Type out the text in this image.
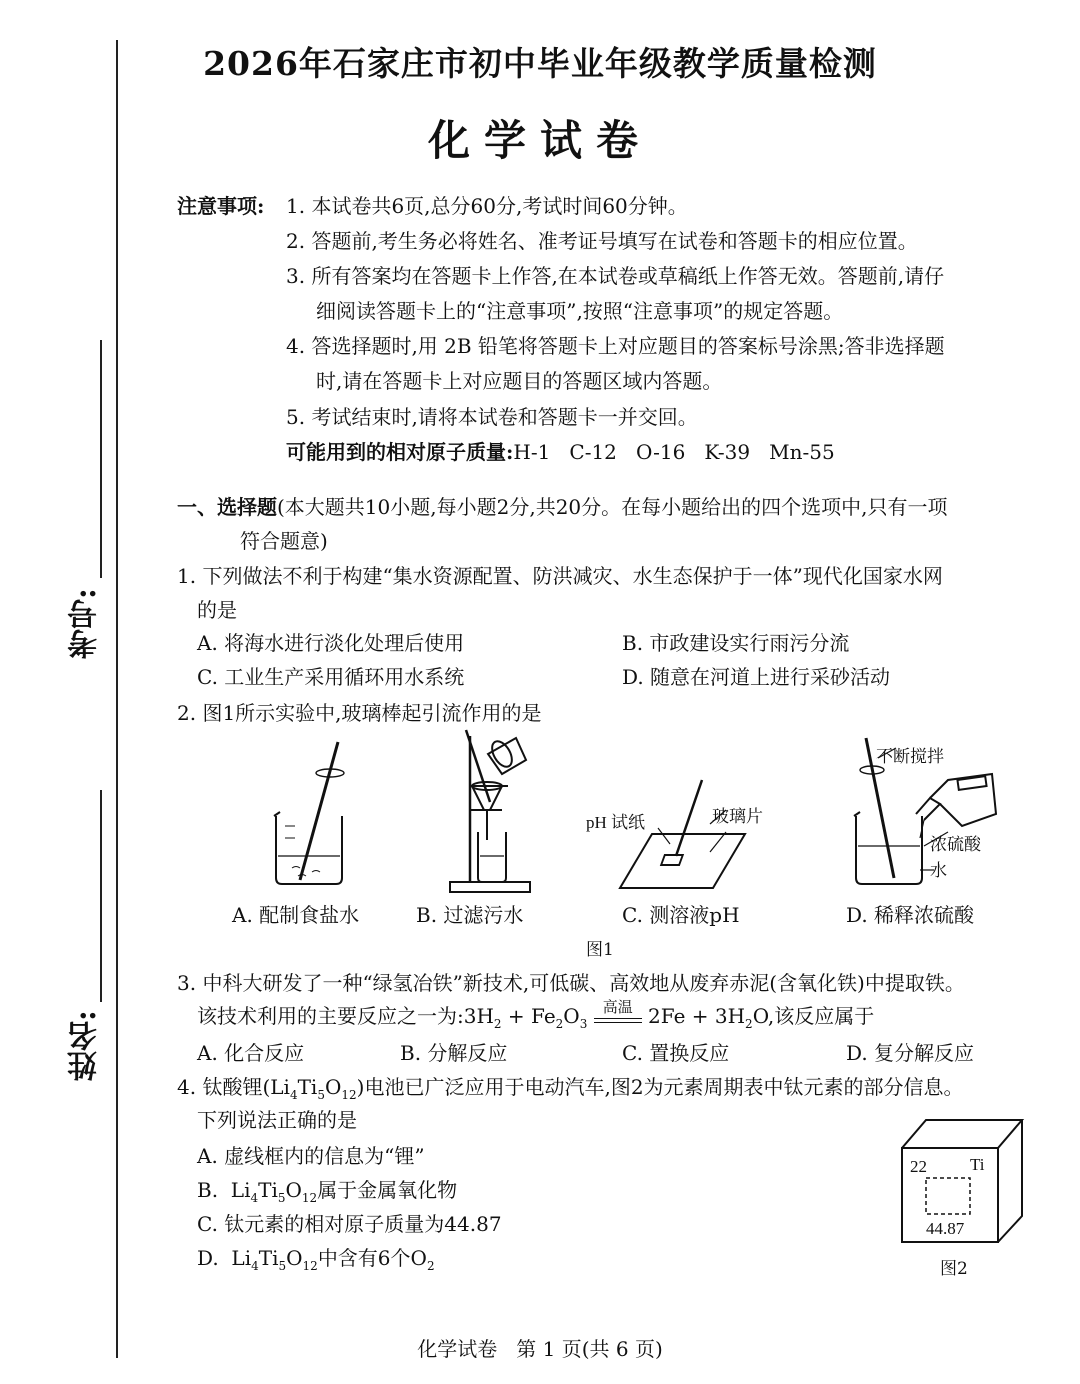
考号:
姓名:
2026年石家庄市初中毕业年级教学质量检测
化学试卷
注意事项: 1. 本试卷共6页,总分60分,考试时间60分钟。
2. 答题前,考生务必将姓名、准考证号填写在试卷和答题卡的相应位置。
3. 所有答案均在答题卡上作答,在本试卷或草稿纸上作答无效。答题前,请仔
细阅读答题卡上的“注意事项”,按照“注意事项”的规定答题。
4. 答选择题时,用 2B 铅笔将答题卡上对应题目的答案标号涂黑;答非选择题
时,请在答题卡上对应题目的答题区域内答题。
5. 考试结束时,请将本试卷和答题卡一并交回。
可能用到的相对原子质量:H-1   C-12   O-16   K-39   Mn-55
一、选择题(本大题共10小题,每小题2分,共20分。在每小题给出的四个选项中,只有一项
符合题意)
1. 下列做法不利于构建“集水资源配置、防洪减灾、水生态保护于一体”现代化国家水网
的是
A. 将海水进行淡化处理后使用	B. 市政建设实行雨污分流
C. 工业生产采用循环用水系统	D. 随意在河道上进行采砂活动
2. 图1所示实验中,玻璃棒起引流作用的是
pH 试纸	玻璃片
不断搅拌
浓硫酸
水
A. 配制食盐水	B. 过滤污水	C. 测溶液pH	D. 稀释浓硫酸
图1
3. 中科大研发了一种“绿氢冶铁”新技术,可低碳、高效地从废弃赤泥(含氧化铁)中提取铁。
该技术利用的主要反应之一为$:3H_2 + Fe_2O_3$
高温 $2Fe + 3H_2O$,该反应属于
A. 化合反应	B. 分解反应	C. 置换反应	D. 复分解反应
4. 钛酸锂$(Li_4Ti_5O_{12})$电池已广泛应用于电动汽车,图2为元素周期表中钛元素的部分信息。
下列说法正确的是
A. 虚线框内的信息为“锂”
B.  $Li_4Ti_5O_{12}$属于金属氧化物
C. 钛元素的相对原子质量为44.87
D.  $Li_4Ti_5O_{12}$中含有6个$O_2$
22	Ti
44.87
图2
化学试卷   第 1 页(共 6 页)
